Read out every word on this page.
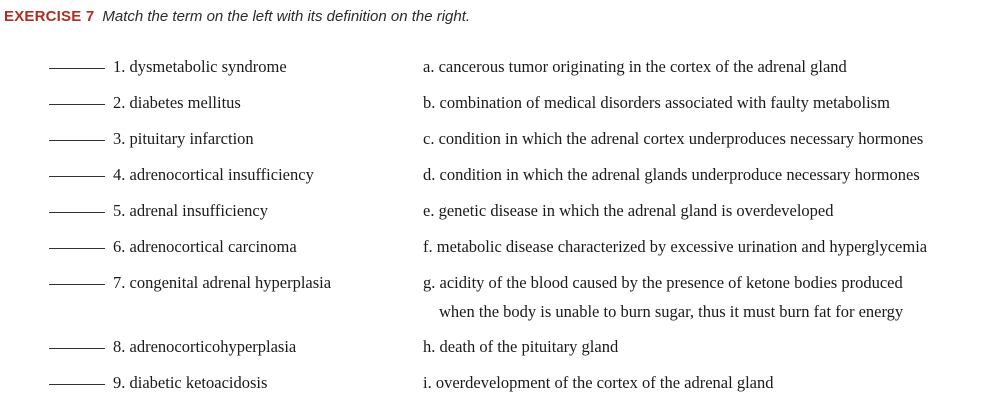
EXERCISE 7 Match the term on the left with its definition on the right.
1. dysmetabolic syndrome	a. cancerous tumor originating in the cortex of the adrenal gland
2. diabetes mellitus	b. combination of medical disorders associated with faulty metabolism
3. pituitary infarction	c. condition in which the adrenal cortex underproduces necessary hormones
4. adrenocortical insufficiency	d. condition in which the adrenal glands underproduce necessary hormones
5. adrenal insufficiency	e. genetic disease in which the adrenal gland is overdeveloped
6. adrenocortical carcinoma	f. metabolic disease characterized by excessive urination and hyperglycemia
7. congenital adrenal hyperplasia	g. acidity of the blood caused by the presence of ketone bodies produced
when the body is unable to burn sugar, thus it must burn fat for energy
8. adrenocorticohyperplasia	h. death of the pituitary gland
9. diabetic ketoacidosis	i. overdevelopment of the cortex of the adrenal gland
